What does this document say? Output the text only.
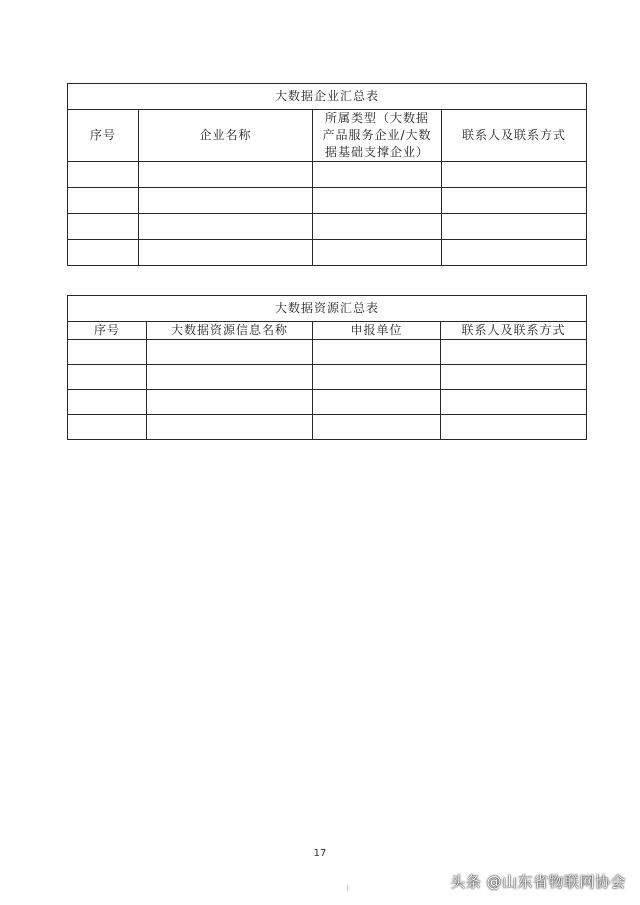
大数据企业汇总表			
序号	企业名称	所属类型（大数据产品服务企业/大数据基础支撑企业）	联系人及联系方式

大数据资源汇总表			
序号	大数据资源信息名称	申报单位	联系人及联系方式

17
头条 @山东省物联网协会
